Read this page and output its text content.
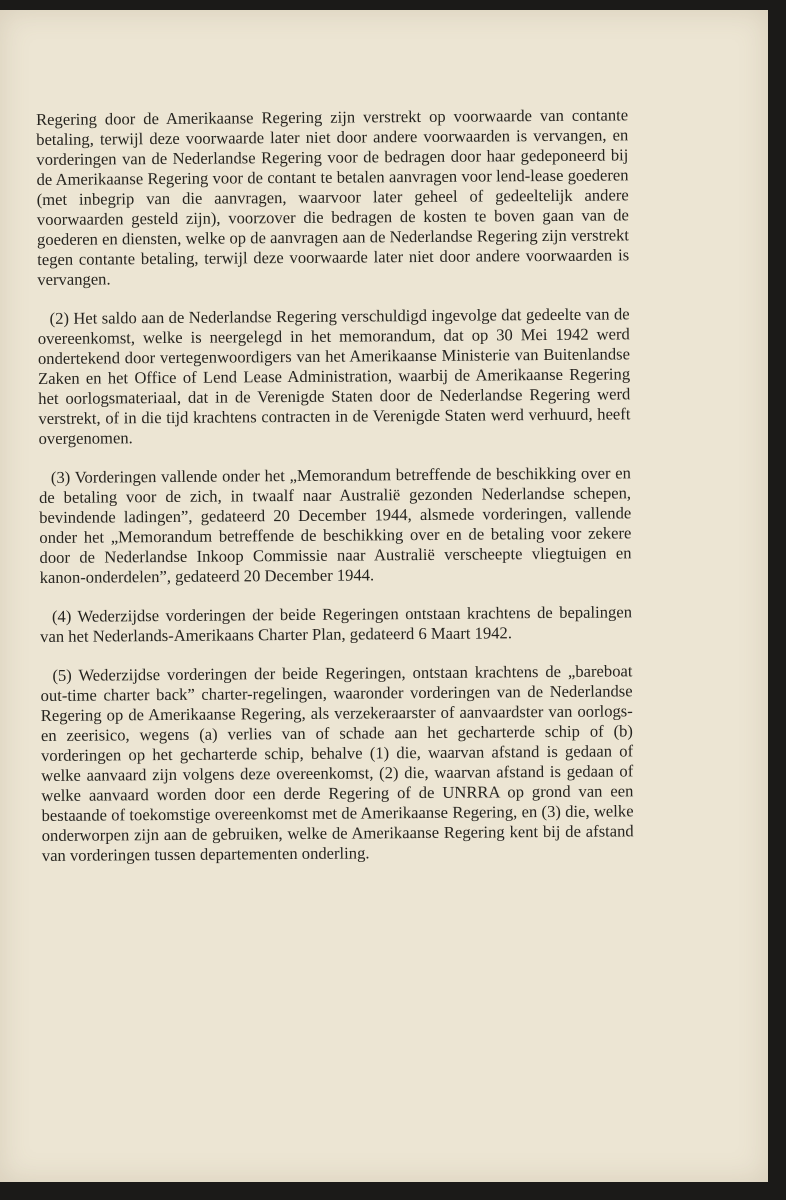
Regering door de Amerikaanse Regering zijn verstrekt op voorwaarde van contante betaling, terwijl deze voorwaarde later niet door andere voorwaarden is vervangen, en vorderingen van de Nederlandse Regering voor de bedragen door haar gedeponeerd bij de Amerikaanse Regering voor de contant te betalen aanvragen voor lend-lease goederen (met inbegrip van die aanvragen, waarvoor later geheel of gedeeltelijk andere voorwaarden gesteld zijn), voorzover die bedragen de kosten te boven gaan van de goederen en diensten, welke op de aanvragen aan de Nederlandse Regering zijn verstrekt tegen contante betaling, terwijl deze voorwaarde later niet door andere voorwaarden is vervangen.

(2) Het saldo aan de Nederlandse Regering verschuldigd ingevolge dat gedeelte van de overeenkomst, welke is neergelegd in het memorandum, dat op 30 Mei 1942 werd ondertekend door vertegenwoordigers van het Amerikaanse Ministerie van Buitenlandse Zaken en het Office of Lend Lease Administration, waarbij de Amerikaanse Regering het oorlogsmateriaal, dat in de Verenigde Staten door de Nederlandse Regering werd verstrekt, of in die tijd krachtens contracten in de Verenigde Staten werd verhuurd, heeft overgenomen.

(3) Vorderingen vallende onder het „Memorandum betreffende de beschikking over en de betaling voor de zich, in twaalf naar Australië gezonden Nederlandse schepen, bevindende ladingen”, gedateerd 20 December 1944, alsmede vorderingen, vallende onder het „Memorandum betreffende de beschikking over en de betaling voor zekere door de Nederlandse Inkoop Commissie naar Australië verscheepte vliegtuigen en kanon-onderdelen”, gedateerd 20 December 1944.

(4) Wederzijdse vorderingen der beide Regeringen ontstaan krachtens de bepalingen van het Nederlands-Amerikaans Charter Plan, gedateerd 6 Maart 1942.

(5) Wederzijdse vorderingen der beide Regeringen, ontstaan krachtens de „bareboat out-time charter back” charter-regelingen, waaronder vorderingen van de Nederlandse Regering op de Amerikaanse Regering, als verzekeraarster of aanvaardster van oorlogs- en zeerisico, wegens (a) verlies van of schade aan het gecharterde schip of (b) vorderingen op het gecharterde schip, behalve (1) die, waarvan afstand is gedaan of welke aanvaard zijn volgens deze overeenkomst, (2) die, waarvan afstand is gedaan of welke aanvaard worden door een derde Regering of de UNRRA op grond van een bestaande of toekomstige overeenkomst met de Amerikaanse Regering, en (3) die, welke onderworpen zijn aan de gebruiken, welke de Amerikaanse Regering kent bij de afstand van vorderingen tussen departementen onderling.
